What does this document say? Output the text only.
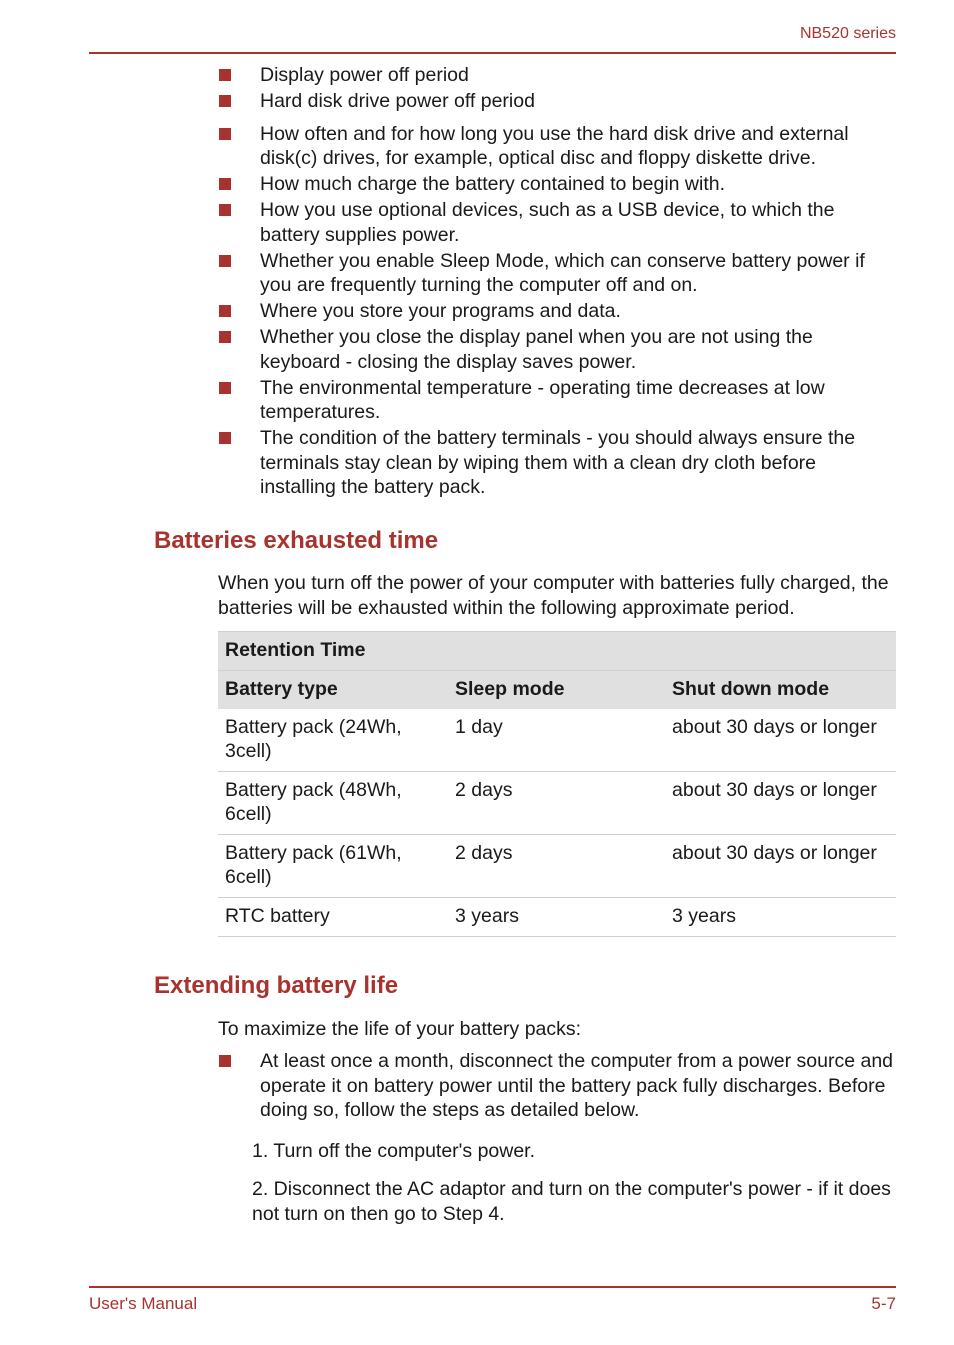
NB520 series
Display power off period
Hard disk drive power off period
How often and for how long you use the hard disk drive and external disk(c) drives, for example, optical disc and floppy diskette drive.
How much charge the battery contained to begin with.
How you use optional devices, such as a USB device, to which the battery supplies power.
Whether you enable Sleep Mode, which can conserve battery power if you are frequently turning the computer off and on.
Where you store your programs and data.
Whether you close the display panel when you are not using the keyboard - closing the display saves power.
The environmental temperature - operating time decreases at low temperatures.
The condition of the battery terminals - you should always ensure the terminals stay clean by wiping them with a clean dry cloth before installing the battery pack.
Batteries exhausted time
When you turn off the power of your computer with batteries fully charged, the batteries will be exhausted within the following approximate period.
Retention Time		
Battery type	Sleep mode	Shut down mode
Battery pack (24Wh, 3cell)	1 day	about 30 days or longer
Battery pack (48Wh, 6cell)	2 days	about 30 days or longer
Battery pack (61Wh, 6cell)	2 days	about 30 days or longer
RTC battery	3 years	3 years
Extending battery life
To maximize the life of your battery packs:
At least once a month, disconnect the computer from a power source and operate it on battery power until the battery pack fully discharges. Before doing so, follow the steps as detailed below.
1. Turn off the computer's power.
2. Disconnect the AC adaptor and turn on the computer's power - if it does not turn on then go to Step 4.
User's Manual	5-7
